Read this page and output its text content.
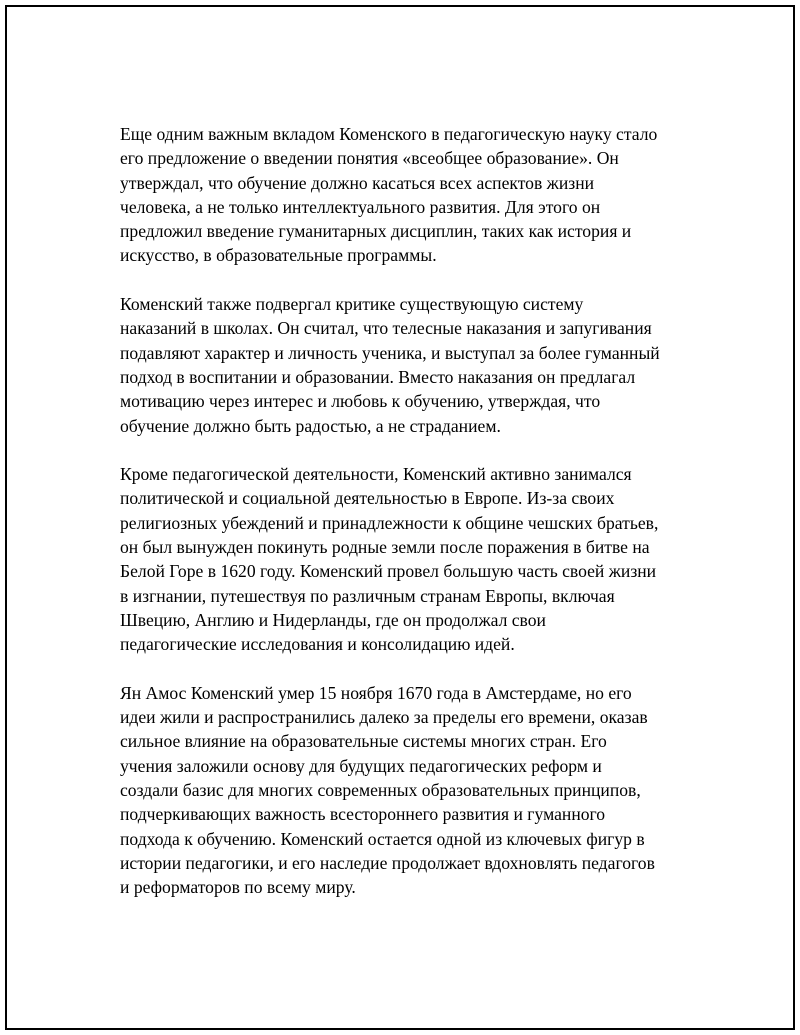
Еще одним важным вкладом Коменского в педагогическую науку стало
его предложение о введении понятия «всеобщее образование». Он
утверждал, что обучение должно касаться всех аспектов жизни
человека, а не только интеллектуального развития. Для этого он
предложил введение гуманитарных дисциплин, таких как история и
искусство, в образовательные программы.

Коменский также подвергал критике существующую систему
наказаний в школах. Он считал, что телесные наказания и запугивания
подавляют характер и личность ученика, и выступал за более гуманный
подход в воспитании и образовании. Вместо наказания он предлагал
мотивацию через интерес и любовь к обучению, утверждая, что
обучение должно быть радостью, а не страданием.

Кроме педагогической деятельности, Коменский активно занимался
политической и социальной деятельностью в Европе. Из-за своих
религиозных убеждений и принадлежности к общине чешских братьев,
он был вынужден покинуть родные земли после поражения в битве на
Белой Горе в 1620 году. Коменский провел большую часть своей жизни
в изгнании, путешествуя по различным странам Европы, включая
Швецию, Англию и Нидерланды, где он продолжал свои
педагогические исследования и консолидацию идей.

Ян Амос Коменский умер 15 ноября 1670 года в Амстердаме, но его
идеи жили и распространились далеко за пределы его времени, оказав
сильное влияние на образовательные системы многих стран. Его
учения заложили основу для будущих педагогических реформ и
создали базис для многих современных образовательных принципов,
подчеркивающих важность всестороннего развития и гуманного
подхода к обучению. Коменский остается одной из ключевых фигур в
истории педагогики, и его наследие продолжает вдохновлять педагогов
и реформаторов по всему миру.
